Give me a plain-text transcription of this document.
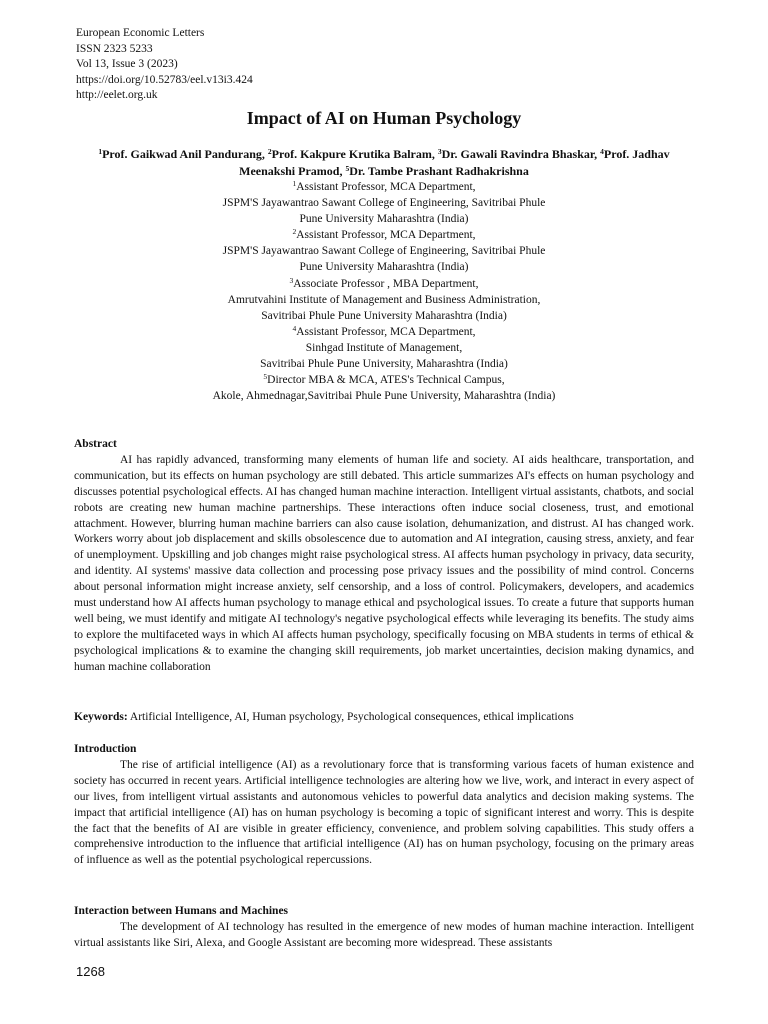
European Economic Letters
ISSN 2323 5233
Vol 13, Issue 3 (2023)
https://doi.org/10.52783/eel.v13i3.424
http://eelet.org.uk
Impact of AI on Human Psychology
$^1$Prof. Gaikwad Anil Pandurang, $^2$Prof. Kakpure Krutika Balram, $^3$Dr. Gawali Ravindra Bhaskar, $^4$Prof. Jadhav Meenakshi Pramod, $^5$Dr. Tambe Prashant Radhakrishna
$^1$Assistant Professor, MCA Department,
JSPM'S Jayawantrao Sawant College of Engineering, Savitribai Phule
Pune University Maharashtra (India)
$^2$Assistant Professor, MCA Department,
JSPM'S Jayawantrao Sawant College of Engineering, Savitribai Phule
Pune University Maharashtra (India)
$^3$Associate Professor , MBA Department,
Amrutvahini Institute of Management and Business Administration,
Savitribai Phule Pune University Maharashtra (India)
$^4$Assistant Professor, MCA Department,
Sinhgad Institute of Management,
Savitribai Phule Pune University, Maharashtra (India)
$^5$Director MBA & MCA, ATES's Technical Campus,
Akole, Ahmednagar,Savitribai Phule Pune University, Maharashtra (India)
Abstract
AI has rapidly advanced, transforming many elements of human life and society. AI aids healthcare, transportation, and communication, but its effects on human psychology are still debated. This article summarizes AI's effects on human psychology and discusses potential psychological effects. AI has changed human machine interaction. Intelligent virtual assistants, chatbots, and social robots are creating new human machine partnerships. These interactions often induce social closeness, trust, and emotional attachment. However, blurring human machine barriers can also cause isolation, dehumanization, and distrust. AI has changed work. Workers worry about job displacement and skills obsolescence due to automation and AI integration, causing stress, anxiety, and fear of unemployment. Upskilling and job changes might raise psychological stress. AI affects human psychology in privacy, data security, and identity. AI systems' massive data collection and processing pose privacy issues and the possibility of mind control. Concerns about personal information might increase anxiety, self censorship, and a loss of control. Policymakers, developers, and academics must understand how AI affects human psychology to manage ethical and psychological issues. To create a future that supports human well being, we must identify and mitigate AI technology's negative psychological effects while leveraging its benefits. The study aims to explore the multifaceted ways in which AI affects human psychology, specifically focusing on MBA students in terms of ethical & psychological implications & to examine the changing skill requirements, job market uncertainties, decision making dynamics, and human machine collaboration
Keywords: Artificial Intelligence, AI, Human psychology, Psychological consequences, ethical implications
Introduction
The rise of artificial intelligence (AI) as a revolutionary force that is transforming various facets of human existence and society has occurred in recent years. Artificial intelligence technologies are altering how we live, work, and interact in every aspect of our lives, from intelligent virtual assistants and autonomous vehicles to powerful data analytics and decision making systems. The impact that artificial intelligence (AI) has on human psychology is becoming a topic of significant interest and worry. This is despite the fact that the benefits of AI are visible in greater efficiency, convenience, and problem solving capabilities. This study offers a comprehensive introduction to the influence that artificial intelligence (AI) has on human psychology, focusing on the primary areas of influence as well as the potential psychological repercussions.
Interaction between Humans and Machines
The development of AI technology has resulted in the emergence of new modes of human machine interaction. Intelligent virtual assistants like Siri, Alexa, and Google Assistant are becoming more widespread. These assistants
1268
